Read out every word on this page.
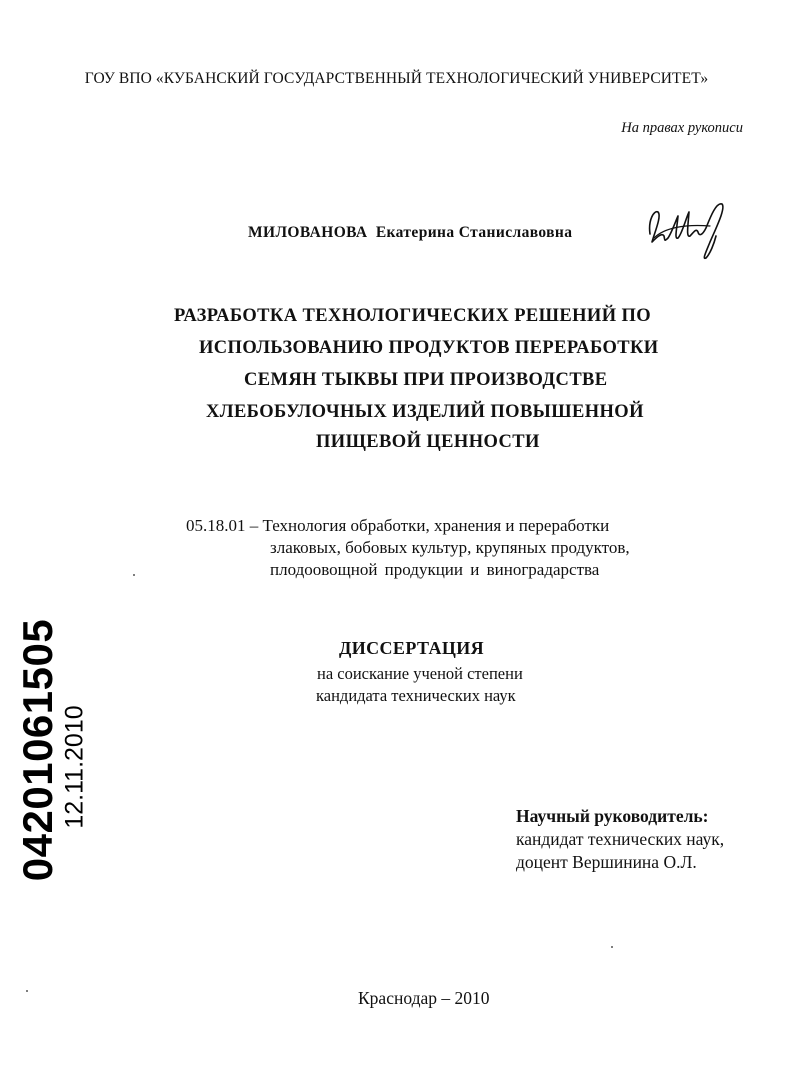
ГОУ ВПО «КУБАНСКИЙ ГОСУДАРСТВЕННЫЙ ТЕХНОЛОГИЧЕСКИЙ УНИВЕРСИТЕТ»
На правах рукописи
МИЛОВАНОВА Екатерина Станиславовна
РАЗРАБОТКА ТЕХНОЛОГИЧЕСКИХ РЕШЕНИЙ ПО
ИСПОЛЬЗОВАНИЮ ПРОДУКТОВ ПЕРЕРАБОТКИ
СЕМЯН ТЫКВЫ ПРИ ПРОИЗВОДСТВЕ
ХЛЕБОБУЛОЧНЫХ ИЗДЕЛИЙ ПОВЫШЕННОЙ
ПИЩЕВОЙ ЦЕННОСТИ
05.18.01 – Технология обработки, хранения и переработки
злаковых, бобовых культур, крупяных продуктов,
плодоовощной продукции и виноградарства
ДИССЕРТАЦИЯ
на соискание ученой степени
кандидата технических наук
Научный руководитель:
кандидат технических наук,
доцент Вершинина О.Л.
Краснодар – 2010
04201061505 12.11.2010
